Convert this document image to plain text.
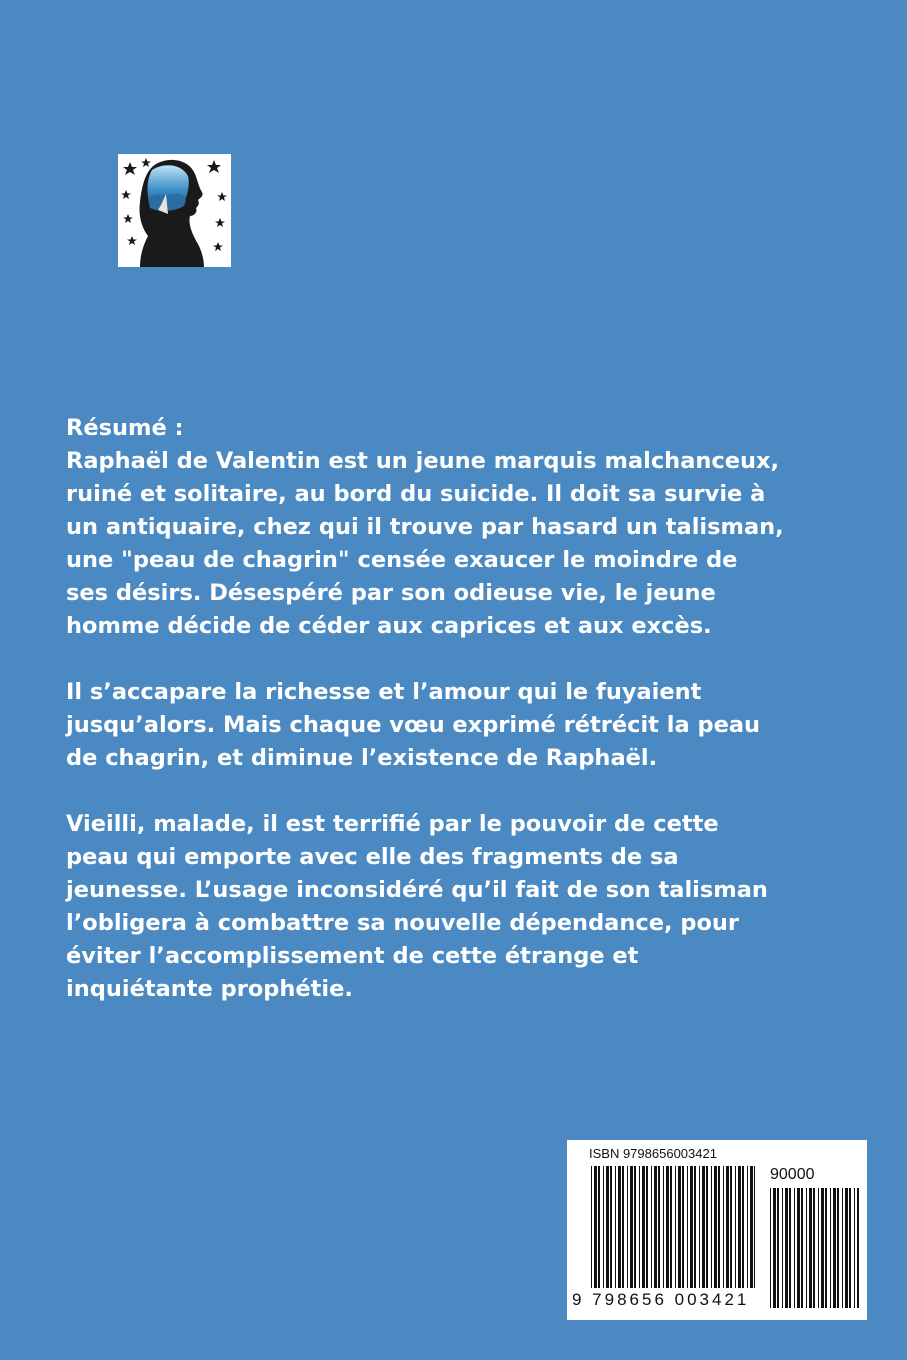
Résumé :
Raphaël de Valentin est un jeune marquis malchanceux,
ruiné et solitaire, au bord du suicide. Il doit sa survie à
un antiquaire, chez qui il trouve par hasard un talisman,
une "peau de chagrin" censée exaucer le moindre de
ses désirs. Désespéré par son odieuse vie, le jeune
homme décide de céder aux caprices et aux excès.
Il s’accapare la richesse et l’amour qui le fuyaient
jusqu’alors. Mais chaque vœu exprimé rétrécit la peau
de chagrin, et diminue l’existence de Raphaël.
Vieilli, malade, il est terrifié par le pouvoir de cette
peau qui emporte avec elle des fragments de sa
jeunesse. L’usage inconsidéré qu’il fait de son talisman
l’obligera à combattre sa nouvelle dépendance, pour
éviter l’accomplissement de cette étrange et
inquiétante prophétie.
ISBN 9798656003421
90000
9 798656 003421
